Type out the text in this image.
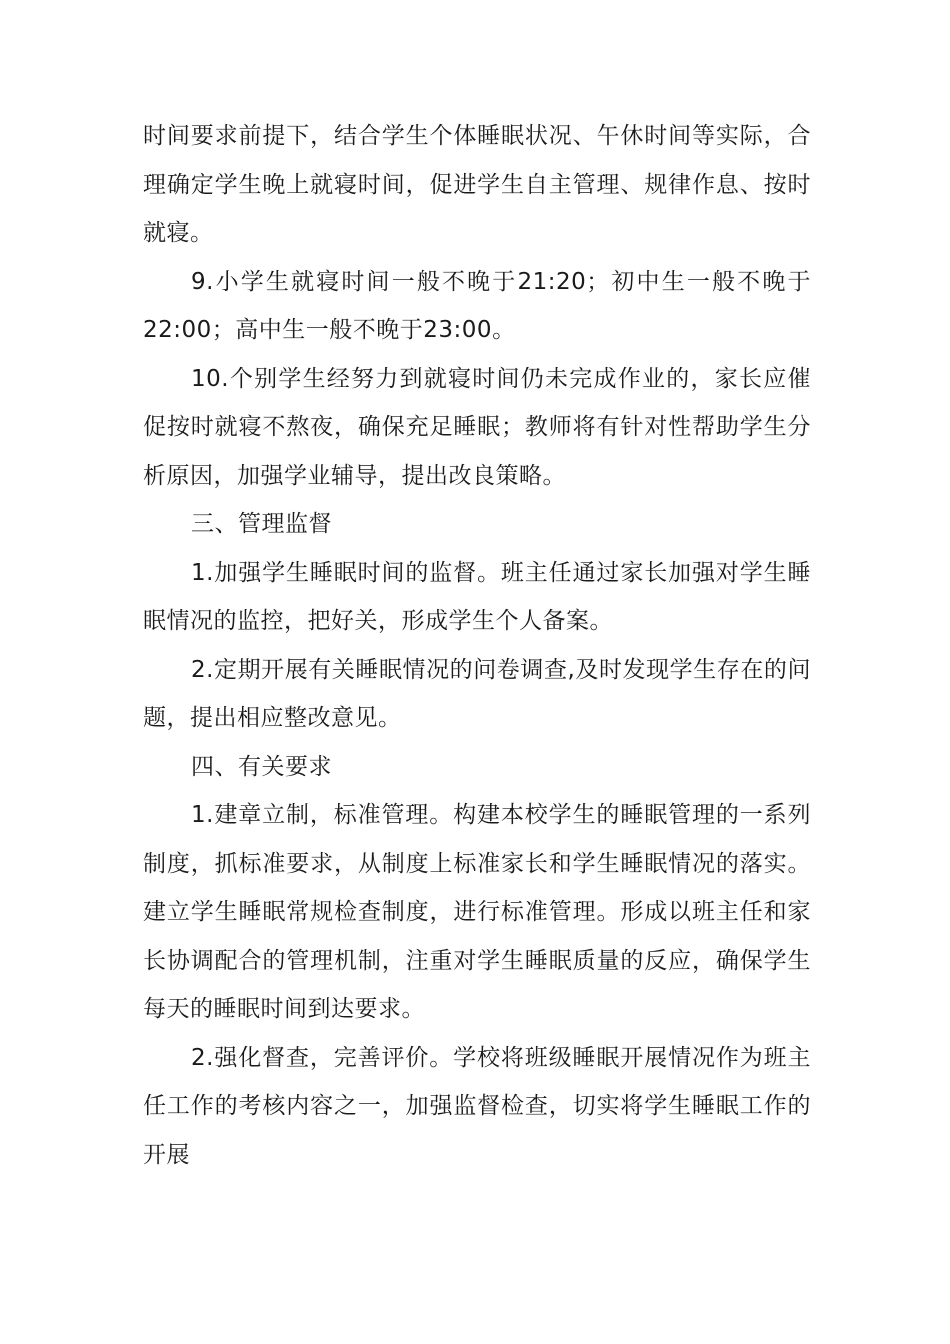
时间要求前提下，结合学生个体睡眠状况、午休时间等实际，合理确定学生晚上就寝时间，促进学生自主管理、规律作息、按时就寝。

9.小学生就寝时间一般不晚于21:20；初中生一般不晚于22:00；高中生一般不晚于23:00。

10.个别学生经努力到就寝时间仍未完成作业的，家长应催促按时就寝不熬夜，确保充足睡眠；教师将有针对性帮助学生分析原因，加强学业辅导，提出改良策略。

三、管理监督

1.加强学生睡眠时间的监督。班主任通过家长加强对学生睡眠情况的监控，把好关，形成学生个人备案。

2.定期开展有关睡眠情况的问卷调查,及时发现学生存在的问题，提出相应整改意见。

四、有关要求

1.建章立制，标准管理。构建本校学生的睡眠管理的一系列制度，抓标准要求，从制度上标准家长和学生睡眠情况的落实。建立学生睡眠常规检查制度，进行标准管理。形成以班主任和家长协调配合的管理机制，注重对学生睡眠质量的反应，确保学生每天的睡眠时间到达要求。

2.强化督查，完善评价。学校将班级睡眠开展情况作为班主任工作的考核内容之一，加强监督检查，切实将学生睡眠工作的开展
